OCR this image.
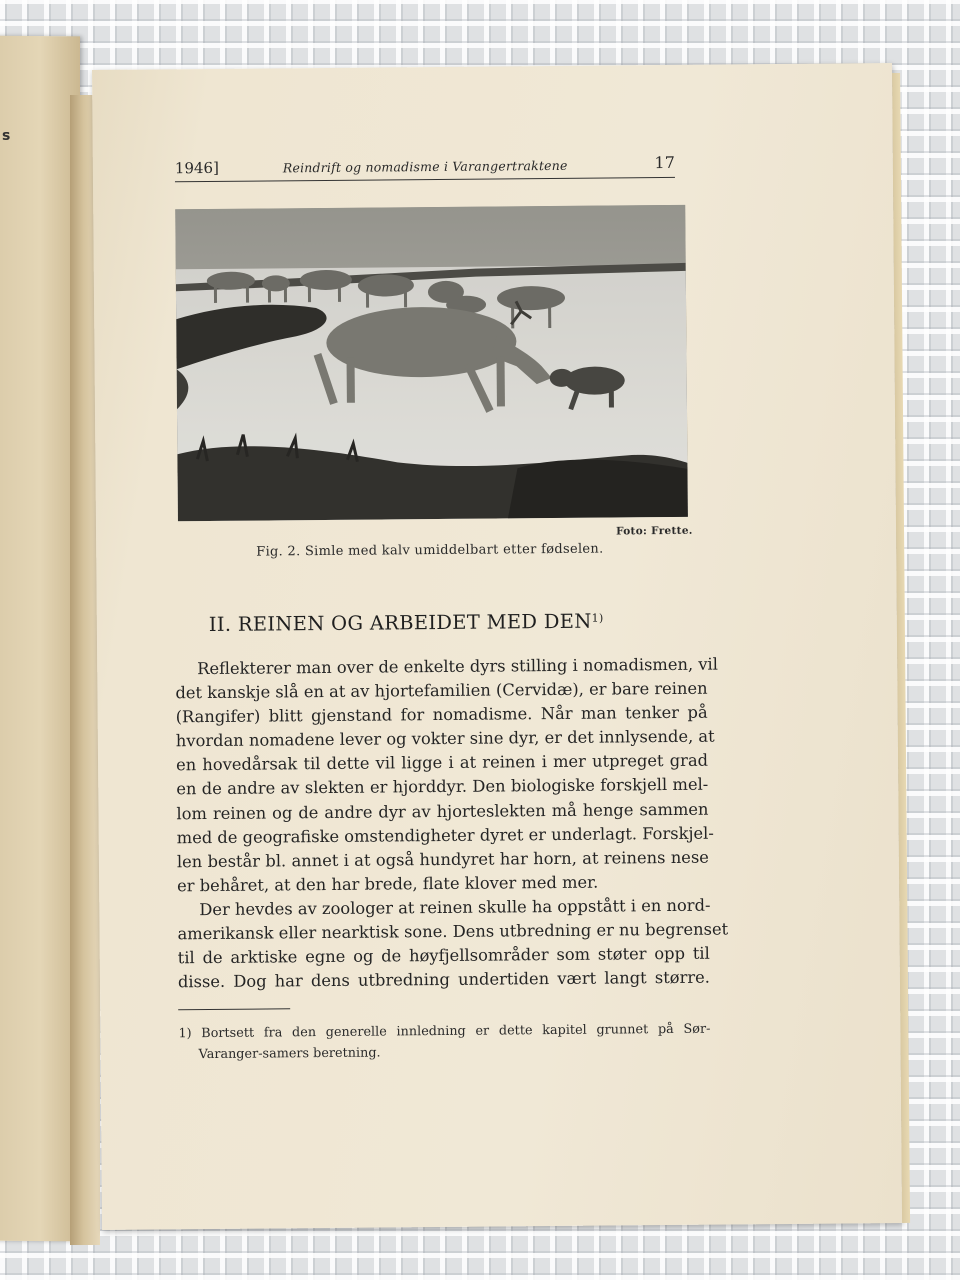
s
1946]	Reindrift og nomadisme i Varangertraktene	17
Foto: Frette.
Fig. 2. Simle med kalv umiddelbart etter fødselen.
II. REINEN OG ARBEIDET MED DEN$^{1)}$
Reflekterer man over de enkelte dyrs stilling i nomadismen, vil
det kanskje slå en at av hjortefamilien (Cervidæ), er bare reinen
(Rangifer) blitt gjenstand for nomadisme. Når man tenker på
hvordan nomadene lever og vokter sine dyr, er det innlysende, at
en hovedårsak til dette vil ligge i at reinen i mer utpreget grad
en de andre av slekten er hjorddyr. Den biologiske forskjell mel-
lom reinen og de andre dyr av hjorteslekten må henge sammen
med de geografiske omstendigheter dyret er underlagt. Forskjel-
len består bl. annet i at også hundyret har horn, at reinens nese
er behåret, at den har brede, flate klover med mer.
Der hevdes av zoologer at reinen skulle ha oppstått i en nord-
amerikansk eller nearktisk sone. Dens utbredning er nu begrenset
til de arktiske egne og de høyfjellsområder som støter opp til
disse. Dog har dens utbredning undertiden vært langt større.
1) Bortsett fra den generelle innledning er dette kapitel grunnet på Sør-
Varanger-samers beretning.
